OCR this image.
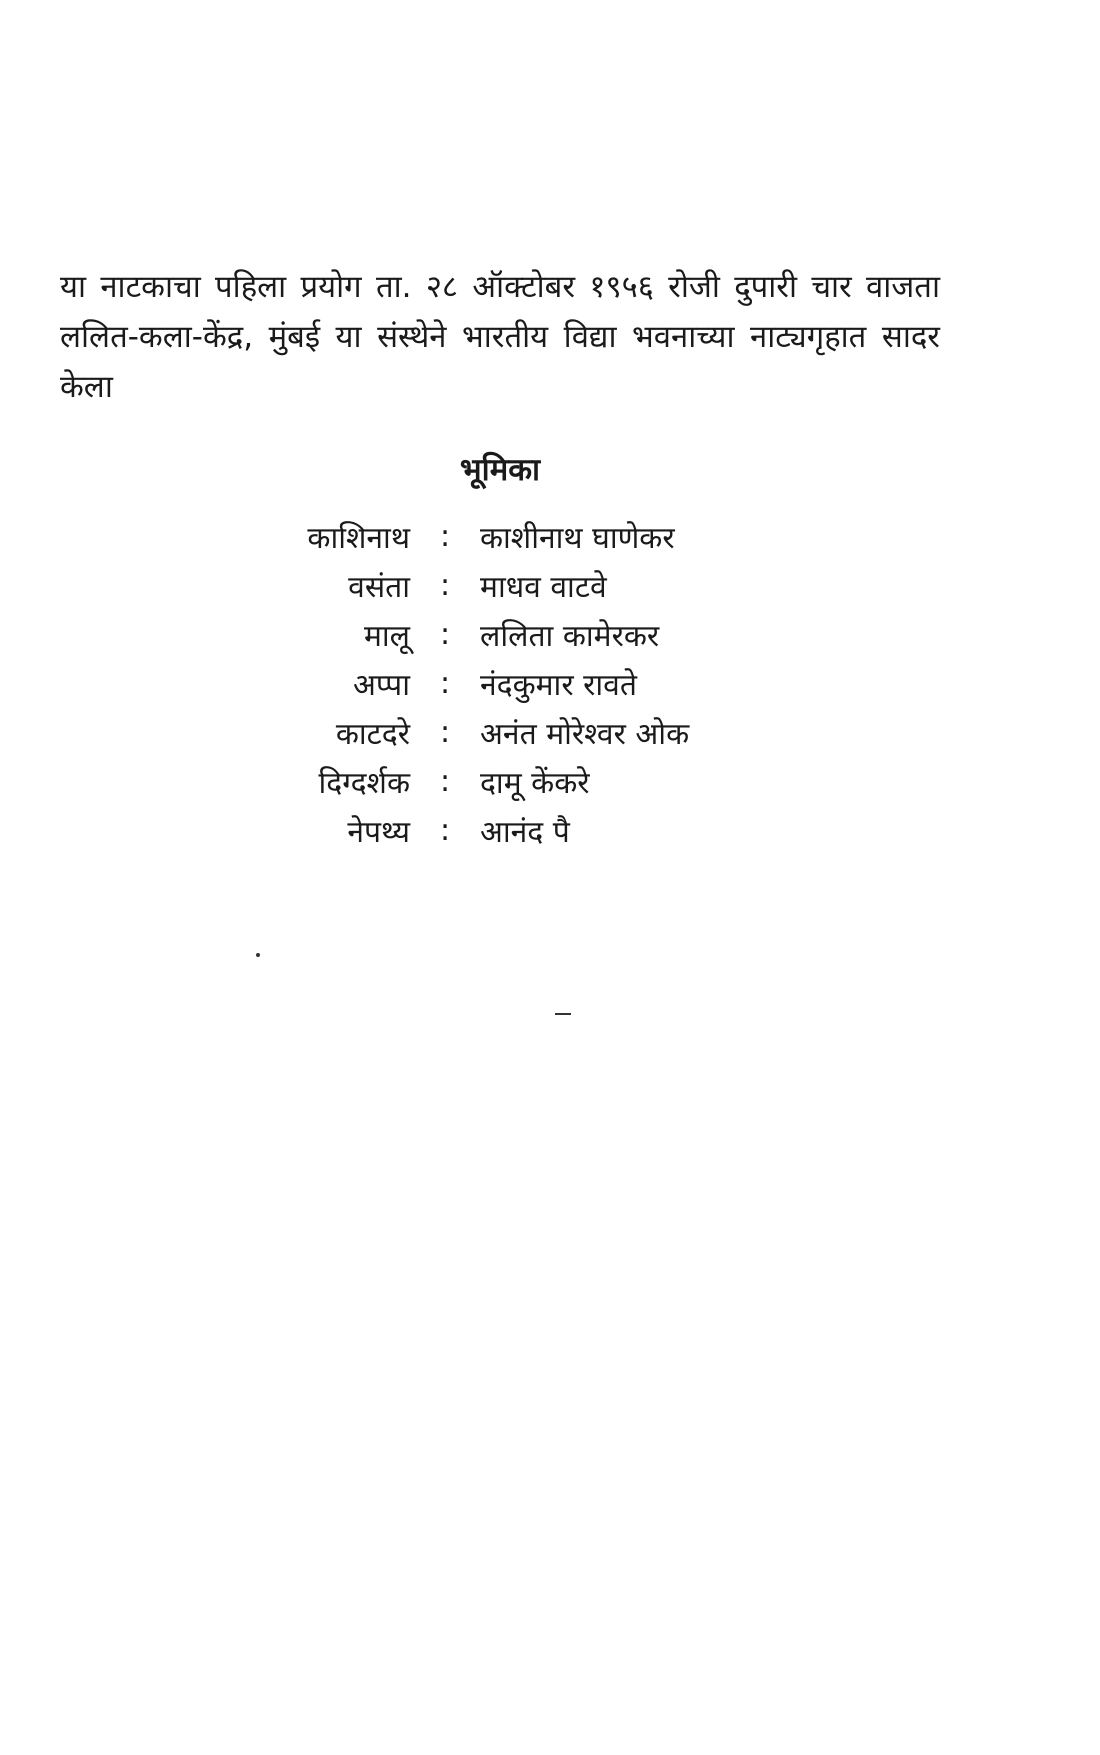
या नाटकाचा पहिला प्रयोग ता. २८ ऑक्टोबर १९५६ रोजी दुपारी चार वाजता ललित-कला-केंद्र, मुंबई या संस्थेने भारतीय विद्या भवनाच्या नाट्यगृहात सादर केला

भूमिका
काशिनाथ	:	काशीनाथ घाणेकर
वसंता	:	माधव वाटवे
मालू	:	ललिता कामेरकर
अप्पा	:	नंदकुमार रावते
काटदरे	:	अनंत मोरेश्वर ओक
दिग्दर्शक	:	दामू केंकरे
नेपथ्य	:	आनंद पै
